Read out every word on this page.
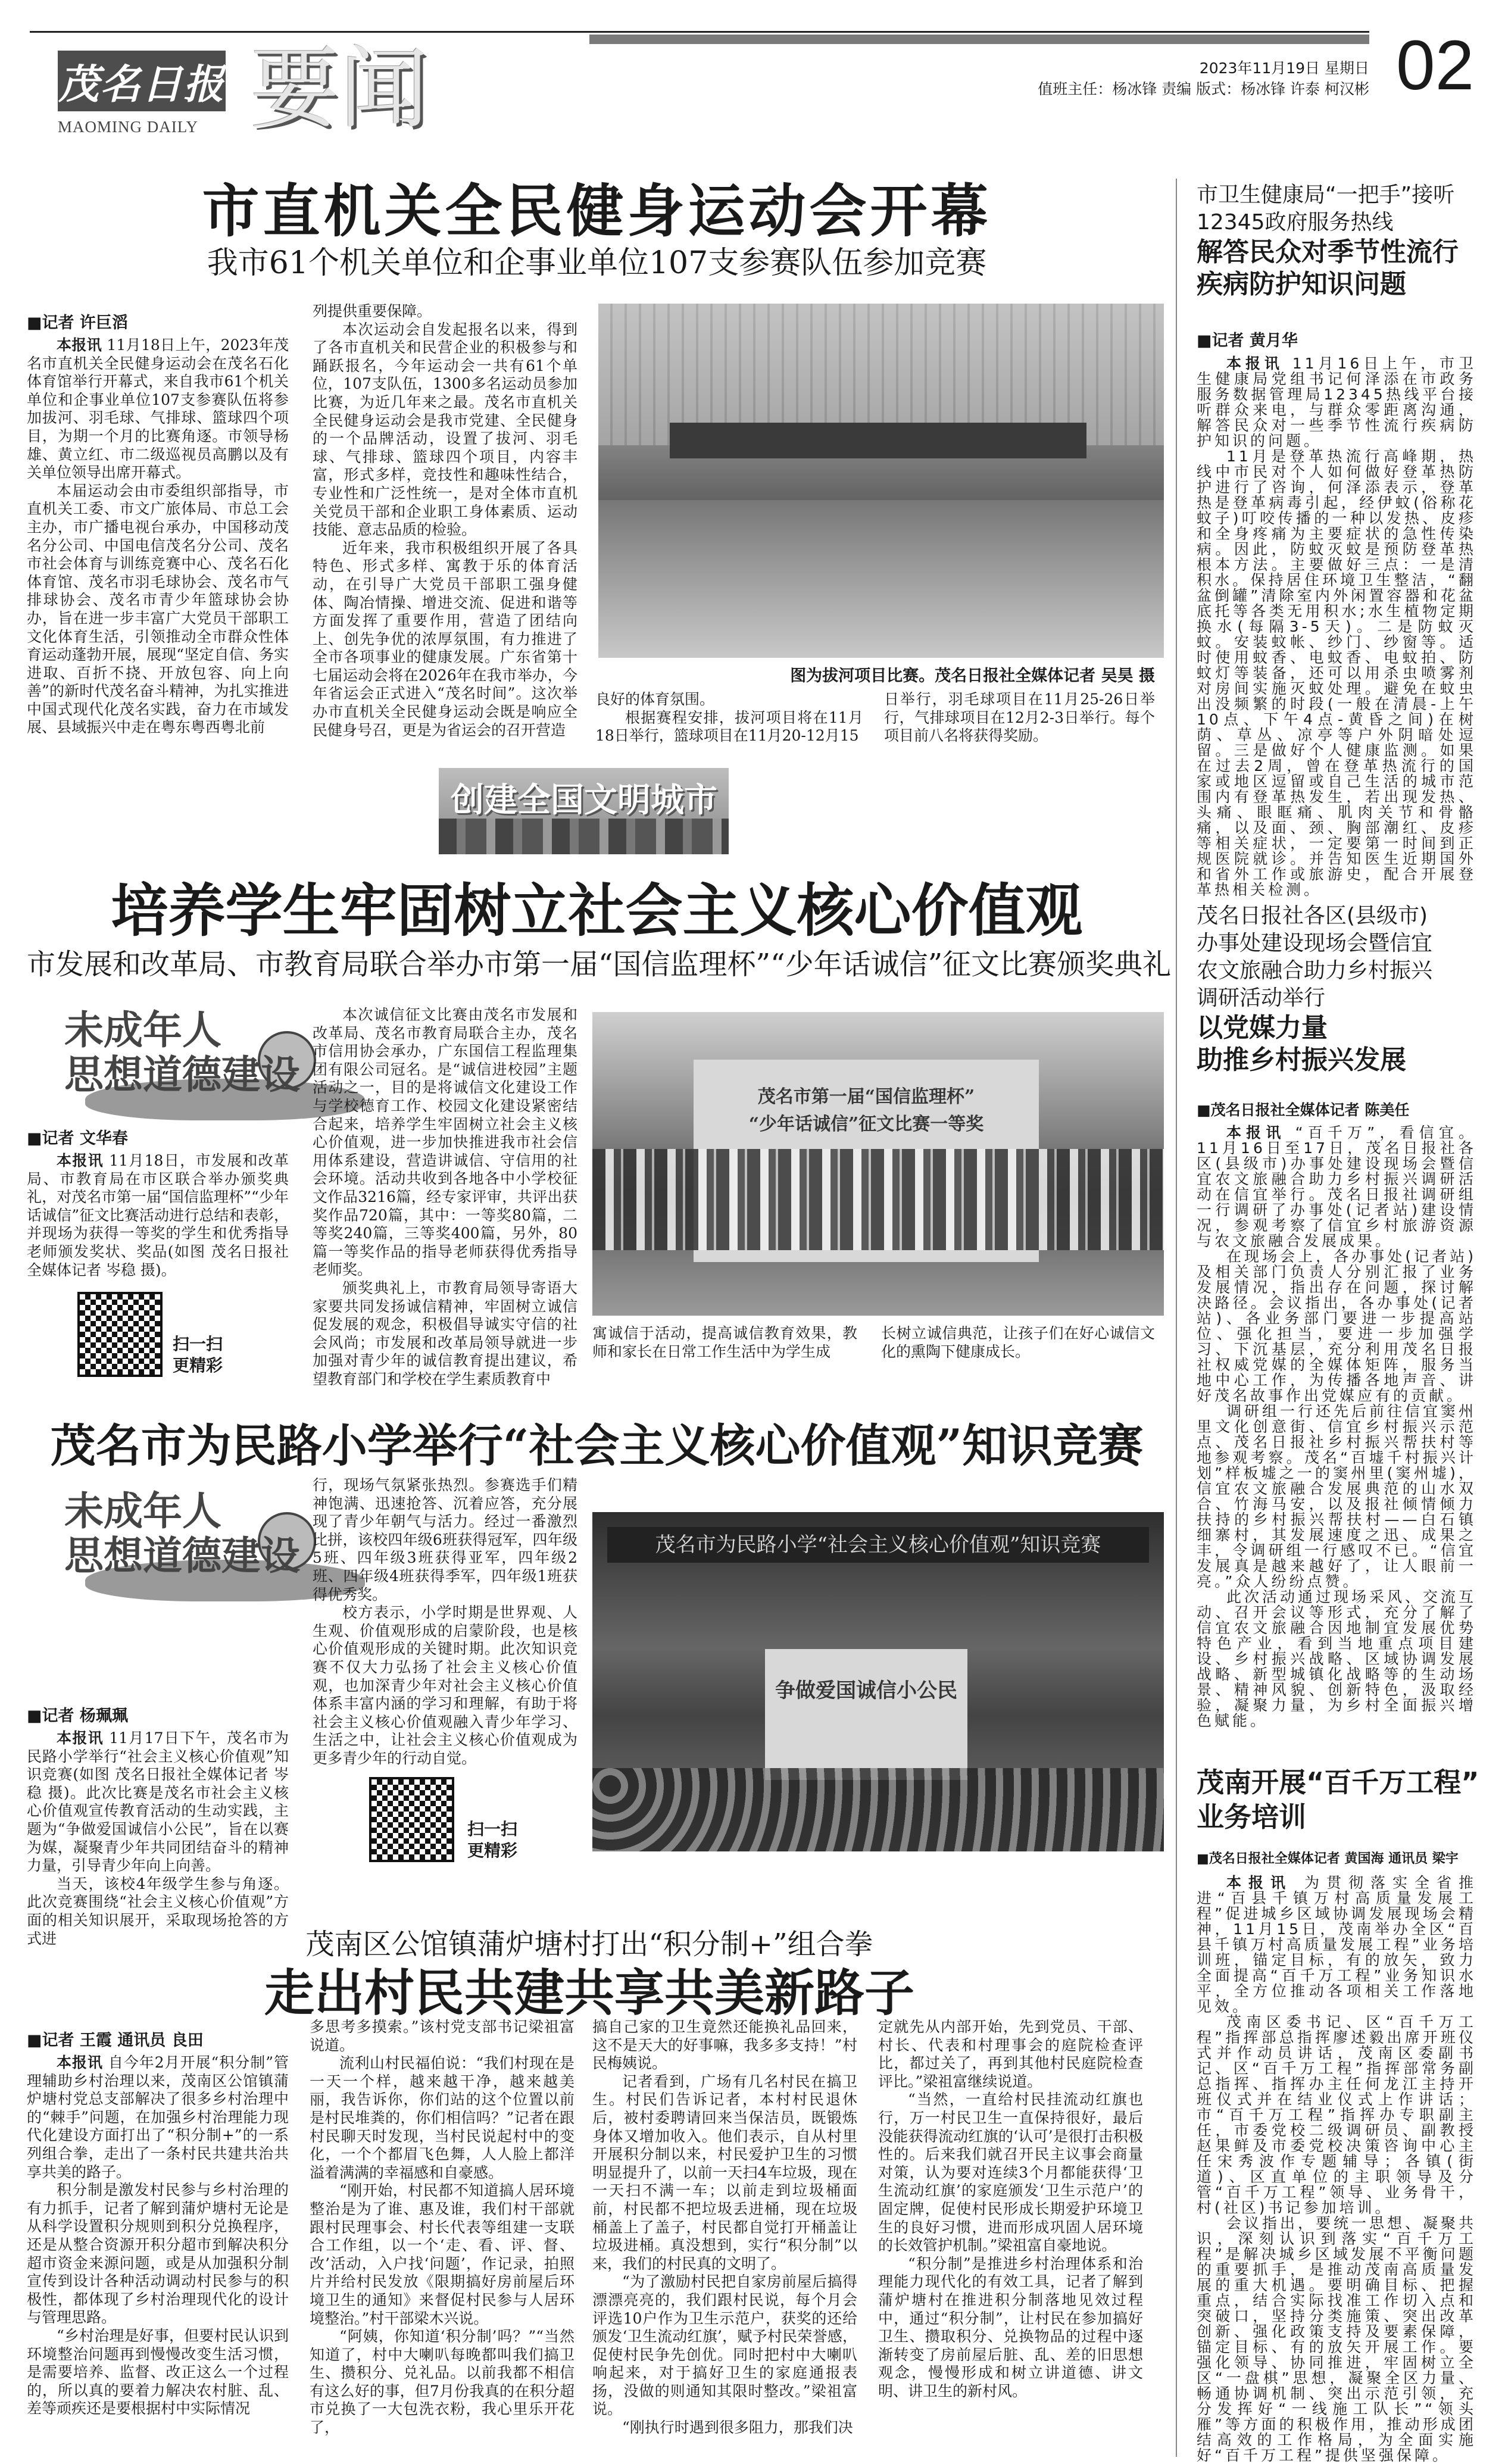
茂名日报
MAOMING DAILY 要闻	2023年11月19日 星期日
值班主任：杨冰锋 责编 版式：杨冰锋 许泰 柯汉彬 02
市直机关全民健身运动会开幕
我市61个机关单位和企事业单位107支参赛队伍参加竞赛
■记者 许巨滔

本报讯 11月18日上午，2023年茂名市直机关全民健身运动会在茂名石化体育馆举行开幕式，来自我市61个机关单位和企事业单位107支参赛队伍将参加拔河、羽毛球、气排球、篮球四个项目，为期一个月的比赛角逐。市领导杨雄、黄立红、市二级巡视员高鹏以及有关单位领导出席开幕式。

本届运动会由市委组织部指导，市直机关工委、市文广旅体局、市总工会主办，市广播电视台承办，中国移动茂名分公司、中国电信茂名分公司、茂名市社会体育与训练竞赛中心、茂名石化体育馆、茂名市羽毛球协会、茂名市气排球协会、茂名市青少年篮球协会协办，旨在进一步丰富广大党员干部职工文化体育生活，引领推动全市群众性体育运动蓬勃开展，展现“坚定自信、务实进取、百折不挠、开放包容、向上向善”的新时代茂名奋斗精神，为扎实推进中国式现代化茂名实践，奋力在市域发展、县域振兴中走在粤东粤西粤北前

列提供重要保障。

本次运动会自发起报名以来，得到了各市直机关和民营企业的积极参与和踊跃报名，今年运动会一共有61个单位，107支队伍，1300多名运动员参加比赛，为近几年来之最。茂名市直机关全民健身运动会是我市党建、全民健身的一个品牌活动，设置了拔河、羽毛球、气排球、篮球四个项目，内容丰富，形式多样，竞技性和趣味性结合，专业性和广泛性统一，是对全体市直机关党员干部和企业职工身体素质、运动技能、意志品质的检验。

近年来，我市积极组织开展了各具特色、形式多样、寓教于乐的体育活动，在引导广大党员干部职工强身健体、陶冶情操、增进交流、促进和谐等方面发挥了重要作用，营造了团结向上、创先争优的浓厚氛围，有力推进了全市各项事业的健康发展。广东省第十七届运动会将在2026年在我市举办，今年省运会正式进入“茂名时间”。这次举办市直机关全民健身运动会既是响应全民健身号召，更是为省运会的召开营造

图为拔河项目比赛。茂名日报社全媒体记者 吴昊 摄

良好的体育氛围。

根据赛程安排，拔河项目将在11月18日举行，篮球项目在11月20-12月15

日举行，羽毛球项目在11月25-26日举行，气排球项目在12月2-3日举行。每个项目前八名将获得奖励。

创建全国文明城市
培养学生牢固树立社会主义核心价值观
市发展和改革局、市教育局联合举办市第一届“国信监理杯”“少年话诚信”征文比赛颁奖典礼
未成年人
思想道德建设
■记者 文华春

本报讯 11月18日，市发展和改革局、市教育局在市区联合举办颁奖典礼，对茂名市第一届“国信监理杯”“少年话诚信”征文比赛活动进行总结和表彰，并现场为获得一等奖的学生和优秀指导老师颁发奖状、奖品(如图 茂名日报社全媒体记者 岑稳 摄)。

扫一扫
更精彩

本次诚信征文比赛由茂名市发展和改革局、茂名市教育局联合主办，茂名市信用协会承办，广东国信工程监理集团有限公司冠名。是“诚信进校园”主题活动之一，目的是将诚信文化建设工作与学校德育工作、校园文化建设紧密结合起来，培养学生牢固树立社会主义核心价值观，进一步加快推进我市社会信用体系建设，营造讲诚信、守信用的社会环境。活动共收到各地各中小学校征文作品3216篇，经专家评审，共评出获奖作品720篇，其中：一等奖80篇，二等奖240篇，三等奖400篇，另外，80篇一等奖作品的指导老师获得优秀指导老师奖。

颁奖典礼上，市教育局领导寄语大家要共同发扬诚信精神，牢固树立诚信促发展的观念，积极倡导诚实守信的社会风尚；市发展和改革局领导就进一步加强对青少年的诚信教育提出建议，希望教育部门和学校在学生素质教育中

茂名市第一届“国信监理杯”
“少年话诚信”征文比赛一等奖

寓诚信于活动，提高诚信教育效果，教师和家长在日常工作生活中为学生成

长树立诚信典范，让孩子们在好心诚信文化的熏陶下健康成长。

茂名市为民路小学举行“社会主义核心价值观”知识竞赛
未成年人
思想道德建设
■记者 杨珮珮

本报讯 11月17日下午，茂名市为民路小学举行“社会主义核心价值观”知识竞赛(如图 茂名日报社全媒体记者 岑稳 摄)。此次比赛是茂名市社会主义核心价值观宣传教育活动的生动实践，主题为“争做爱国诚信小公民”，旨在以赛为媒，凝聚青少年共同团结奋斗的精神力量，引导青少年向上向善。

当天，该校4年级学生参与角逐。此次竞赛围绕“社会主义核心价值观”方面的相关知识展开，采取现场抢答的方式进

行，现场气氛紧张热烈。参赛选手们精神饱满、迅速抢答、沉着应答，充分展现了青少年朝气与活力。经过一番激烈比拼，该校四年级6班获得冠军，四年级5班、四年级3班获得亚军，四年级2班、四年级4班获得季军，四年级1班获得优秀奖。

校方表示，小学时期是世界观、人生观、价值观形成的启蒙阶段，也是核心价值观形成的关键时期。此次知识竞赛不仅大力弘扬了社会主义核心价值观，也加深青少年对社会主义核心价值体系丰富内涵的学习和理解，有助于将社会主义核心价值观融入青少年学习、生活之中，让社会主义核心价值观成为更多青少年的行动自觉。

扫一扫
更精彩
茂名市为民路小学“社会主义核心价值观”知识竞赛
争做爱国诚信小公民
茂南区公馆镇蒲炉塘村打出“积分制+”组合拳
走出村民共建共享共美新路子
■记者 王霞 通讯员 良田

本报讯 自今年2月开展“积分制”管理辅助乡村治理以来，茂南区公馆镇蒲炉塘村党总支部解决了很多乡村治理中的“棘手”问题，在加强乡村治理能力现代化建设方面打出了“积分制+”的一系列组合拳，走出了一条村民共建共治共享共美的路子。

积分制是激发村民参与乡村治理的有力抓手，记者了解到蒲炉塘村无论是从科学设置积分规则到积分兑换程序，还是从整合资源开积分超市到解决积分超市资金来源问题，或是从加强积分制宣传到设计各种活动调动村民参与的积极性，都体现了乡村治理现代化的设计与管理思路。

“乡村治理是好事，但要村民认识到环境整治问题再到慢慢改变生活习惯，是需要培养、监督、改正这么一个过程的，所以真的要着力解决农村脏、乱、差等顽疾还是要根据村中实际情况

多思考多摸索。”该村党支部书记梁祖富说道。

流利山村民福伯说：“我们村现在是一天一个样，越来越干净，越来越美丽，我告诉你，你们站的这个位置以前是村民堆粪的，你们相信吗？”记者在跟村民聊天时发现，当村民说起村中的变化，一个个都眉飞色舞，人人脸上都洋溢着满满的幸福感和自豪感。

“刚开始，村民都不知道搞人居环境整治是为了谁、惠及谁，我们村干部就跟村民理事会、村长代表等组建一支联合工作组，以一个‘走、看、评、督、改’活动，入户找‘问题’，作记录，拍照片并给村民发放《限期搞好房前屋后环境卫生的通知》来督促村民参与人居环境整治。”村干部梁木兴说。

“阿姨，你知道‘积分制’吗？”“当然知道了，村中大喇叭每晚都叫我们搞卫生、攒积分、兑礼品。以前我都不相信有这么好的事，但7月份我真的在积分超市兑换了一大包洗衣粉，我心里乐开花了，

搞自己家的卫生竟然还能换礼品回来，这不是天大的好事嘛，我多多支持！”村民梅姨说。

记者看到，广场有几名村民在搞卫生。村民们告诉记者，本村村民退休后，被村委聘请回来当保洁员，既锻炼身体又增加收入。他们表示，自从村里开展积分制以来，村民爱护卫生的习惯明显提升了，以前一天扫4车垃圾，现在一天扫不满一车；以前走到垃圾桶面前，村民都不把垃圾丢进桶，现在垃圾桶盖上了盖子，村民都自觉打开桶盖让垃圾进桶。真没想到，实行“积分制”以来，我们的村民真的文明了。

“为了激励村民把自家房前屋后搞得漂漂亮亮的，我们跟村民说，每个月会评选10户作为卫生示范户，获奖的还给颁发‘卫生流动红旗’，赋予村民荣誉感，促使村民争先创优。同时把村中大喇叭响起来，对于搞好卫生的家庭通报表扬，没做的则通知其限时整改。”梁祖富说。

“刚执行时遇到很多阻力，那我们决

定就先从内部开始，先到党员、干部、村长、代表和村理事会的庭院检查评比，都过关了，再到其他村民庭院检查评比。”梁祖富继续说道。

“当然，一直给村民挂流动红旗也行，万一村民卫生一直保持很好，最后没能获得流动红旗的‘认可’是很打击积极性的。后来我们就召开民主议事会商量对策，认为要对连续3个月都能获得‘卫生流动红旗’的家庭颁发‘卫生示范户’的固定牌，促使村民形成长期爱护环境卫生的良好习惯，进而形成巩固人居环境的长效管护机制。”梁祖富自豪地说。

“积分制”是推进乡村治理体系和治理能力现代化的有效工具，记者了解到蒲炉塘村在推进积分制落地见效过程中，通过“积分制”，让村民在参加搞好卫生、攒取积分、兑换物品的过程中逐渐转变了房前屋后脏、乱、差的旧思想观念，慢慢形成和树立讲道德、讲文明、讲卫生的新村风。

市卫生健康局“一把手”接听
12345政府服务热线
解答民众对季节性流行
疾病防护知识问题
■记者 黄月华

本报讯 11月16日上午，市卫生健康局党组书记何泽添在市政务服务数据管理局12345热线平台接听群众来电，与群众零距离沟通，解答民众对一些季节性流行疾病防护知识的问题。

11月是登革热流行高峰期，热线中市民对个人如何做好登革热防护进行了咨询，何泽添表示，登革热是登革病毒引起，经伊蚊(俗称花蚊子)叮咬传播的一种以发热、皮疹和全身疼痛为主要症状的急性传染病。因此，防蚊灭蚊是预防登革热根本方法。主要做好三点：一是清积水。保持居住环境卫生整洁，“翻盆倒罐”清除室内外闲置容器和花盆底托等各类无用积水;水生植物定期换水(每隔3-5天)。二是防蚊灭蚊。安装蚊帐、纱门、纱窗等。适时使用蚊香、电蚊香、电蚊拍、防蚊灯等装备，还可以用杀虫喷雾剂对房间实施灭蚊处理。避免在蚊虫出没频繁的时段(一般在清晨-上午10点、下午4点-黄昏之间)在树荫、草丛、凉亭等户外阴暗处逗留。三是做好个人健康监测。如果在过去2周，曾在登革热流行的国家或地区逗留或自己生活的城市范围内有登革热发生，若出现发热、头痛、眼眶痛、肌肉关节和骨骼痛，以及面、颈、胸部潮红、皮疹等相关症状，一定要第一时间到正规医院就诊。并告知医生近期国外和省外工作或旅游史，配合开展登革热相关检测。

茂名日报社各区(县级市)
办事处建设现场会暨信宜
农文旅融合助力乡村振兴
调研活动举行
以党媒力量
助推乡村振兴发展
■茂名日报社全媒体记者 陈美任

本报讯 “百千万”，看信宜。11月16日至17日，茂名日报社各区(县级市)办事处建设现场会暨信宜农文旅融合助力乡村振兴调研活动在信宜举行。茂名日报社调研组一行调研了办事处(记者站)建设情况，参观考察了信宜乡村旅游资源与农文旅融合发展成果。

在现场会上，各办事处(记者站)及相关部门负责人分别汇报了业务发展情况，指出存在问题，探讨解决路径。会议指出，各办事处(记者站)、各业务部门要进一步提高站位、强化担当，要进一步加强学习、下沉基层，充分利用茂名日报社权威党媒的全媒体矩阵，服务当地中心工作，为传播各地声音、讲好茂名故事作出党媒应有的贡献。

调研组一行还先后前往信宜窦州里文化创意街、信宜乡村振兴示范点、茂名日报社乡村振兴帮扶村等地参观考察。茂名“百墟千村振兴计划”样板墟之一的窦州里(窦州墟)，信宜农文旅融合发展典范的山水双合、竹海马安，以及报社倾情倾力扶持的乡村振兴帮扶村——白石镇细寨村，其发展速度之迅、成果之丰，令调研组一行感叹不已。“信宜发展真是越来越好了，让人眼前一亮。”众人纷纷点赞。

此次活动通过现场采风、交流互动、召开会议等形式，充分了解了信宜农文旅融合因地制宜发展优势特色产业，看到当地重点项目建设、乡村振兴战略、区域协调发展战略、新型城镇化战略等的生动场景、精神风貌、创新特色，汲取经验，凝聚力量，为乡村全面振兴增色赋能。

茂南开展“百千万工程”
业务培训
■茂名日报社全媒体记者 黄国海 通讯员 梁宇

本报讯 为贯彻落实全省推进“百县千镇万村高质量发展工程”促进城乡区域协调发展现场会精神，11月15日，茂南举办全区“百县千镇万村高质量发展工程”业务培训班，锚定目标，有的放矢，致力全面提高“百千万工程”业务知识水平，全方位推动各项相关工作落地见效。

茂南区委书记、区“百千万工程”指挥部总指挥廖述毅出席开班仪式并作动员讲话，茂南区委副书记、区“百千万工程”指挥部常务副总指挥、指挥办主任何龙江主持开班仪式并在结业仪式上作讲话；市“百千万工程”指挥办专职副主任，市委党校二级调研员、副教授赵果鲜及市委党校决策咨询中心主任宋秀波作专题辅导；各镇(街道)、区直单位的主职领导及分管“百千万工程”领导、业务骨干，村(社区)书记参加培训。

会议指出，要统一思想、凝聚共识，深刻认识到落实“百千万工程”是解决城乡区域发展不平衡问题的重要抓手，是推动茂南高质量发展的重大机遇。要明确目标、把握重点，结合实际找准工作切入点和突破口，坚持分类施策、突出改革创新、强化政策支持及要素保障，锚定目标、有的放矢开展工作。要强化领导、协同推进，牢固树立全区“一盘棋”思想，凝聚全区力量、畅通协调机制、突出示范引领，充分发挥好“一线施工队长”“领头雁”等方面的积极作用，推动形成团结高效的工作格局，为全面实施好“百千万工程”提供坚强保障。
